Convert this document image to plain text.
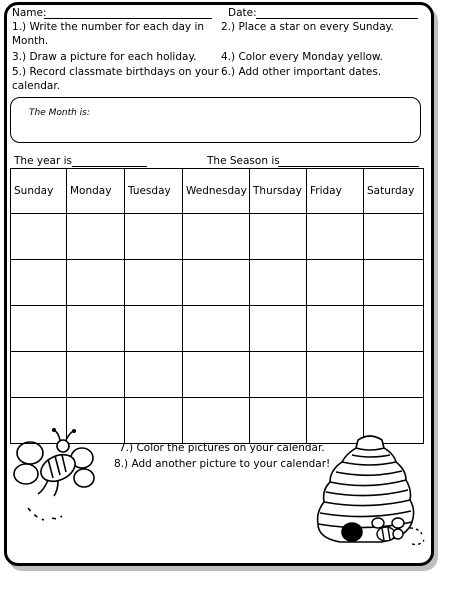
Name:	Date:
1.) Write the number for each day in
Month.
2.) Place a star on every Sunday.
3.) Draw a picture for each holiday. 4.) Color every Monday yellow.
5.) Record classmate birthdays on your
calendar.
6.) Add other important dates.
The Month is:
The year is	The Season is
Sunday	Monday	Tuesday	Wednesday	Thursday	Friday	Saturday

7.) Color the pictures on your calendar.
8.) Add another picture to your calendar!
